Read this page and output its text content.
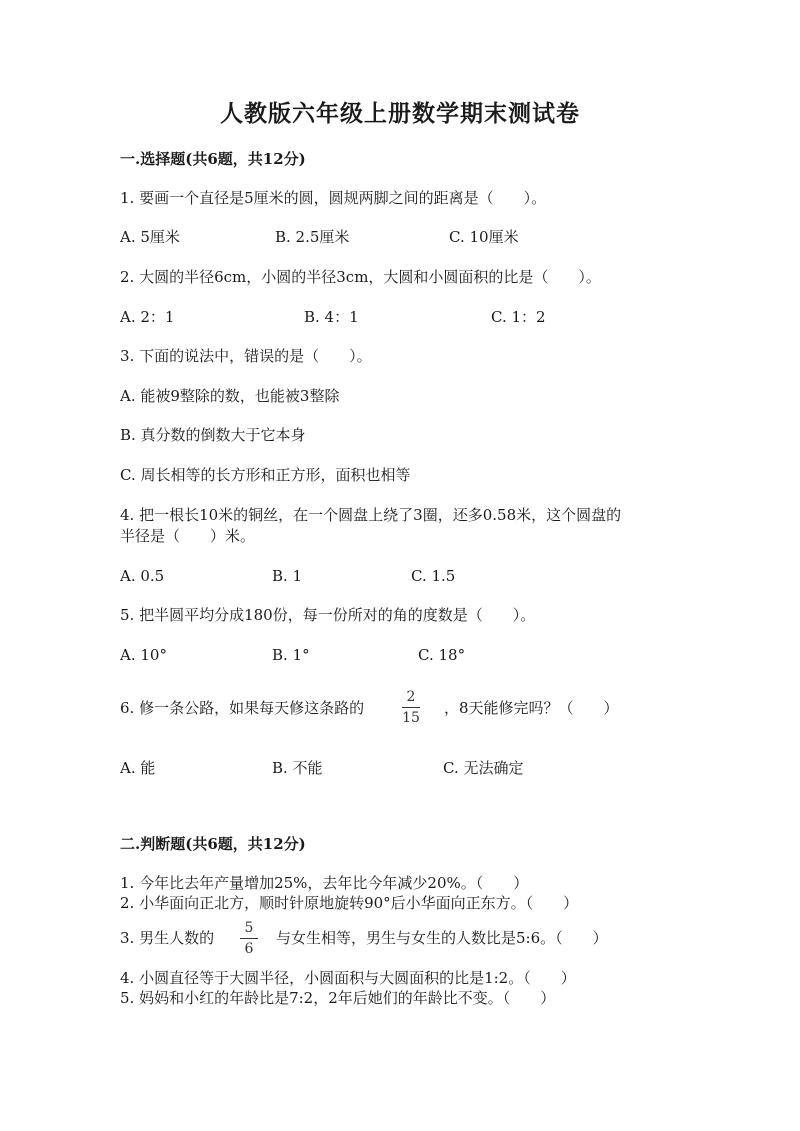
人教版六年级上册数学期末测试卷
一.选择题(共6题，共12分)
1. 要画一个直径是5厘米的圆，圆规两脚之间的距离是（　　）。
A. 5厘米	B. 2.5厘米	C. 10厘米
2. 大圆的半径6cm，小圆的半径3cm，大圆和小圆面积的比是（　　）。
A. 2：1	B. 4：1	C. 1：2
3. 下面的说法中，错误的是（　　）。
A. 能被9整除的数，也能被3整除
B. 真分数的倒数大于它本身
C. 周长相等的长方形和正方形，面积也相等
4. 把一根长10米的铜丝，在一个圆盘上绕了3圈，还多0.58米，这个圆盘的
半径是（　　）米。
A. 0.5	B. 1	C. 1.5
5. 把半圆平均分成180份，每一份所对的角的度数是（　　）。
A. 10°	B. 1°	C. 18°
6. 修一条公路，如果每天修这条路的
2
15
，8天能修完吗？（　　）
A. 能	B. 不能	C. 无法确定
二.判断题(共6题，共12分)
1. 今年比去年产量增加25%，去年比今年减少20%。（　　）
2. 小华面向正北方，顺时针原地旋转90°后小华面向正东方。（　　）
3. 男生人数的
5
6
与女生相等，男生与女生的人数比是5:6。（　　）
4. 小圆直径等于大圆半径，小圆面积与大圆面积的比是1:2。（　　）
5. 妈妈和小红的年龄比是7:2，2年后她们的年龄比不变。（　　）
